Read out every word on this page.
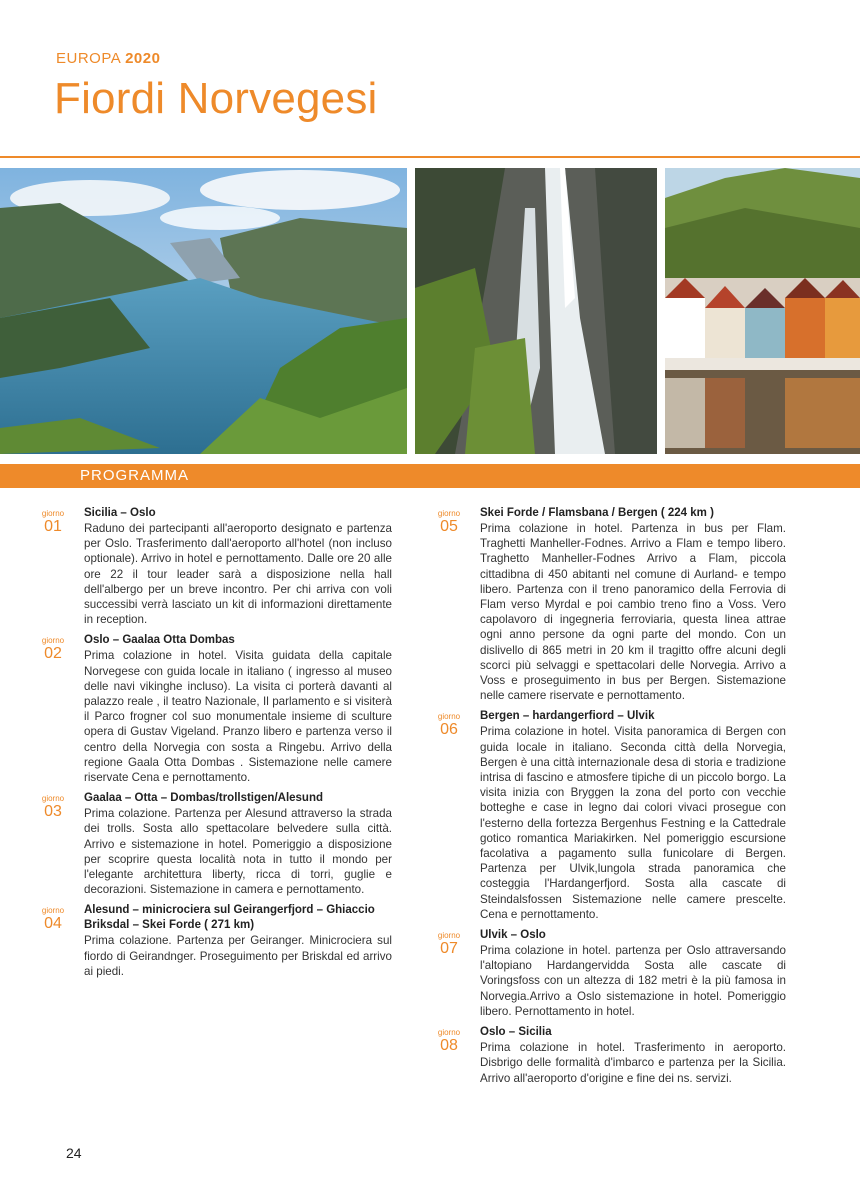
EUROPA 2020
Fiordi Norvegesi
PROGRAMMA
giorno
01
Sicilia – Oslo

Raduno dei partecipanti all'aeroporto designato e partenza per Oslo. Trasferimento dall'aeroporto all'hotel (non incluso optionale). Arrivo in hotel e pernottamento. Dalle ore 20 alle ore 22 il tour leader sarà a disposizione nella hall dell'albergo per un breve incontro. Per chi arriva con voli successibi verrà lasciato un kit di informazioni direttamente in reception.

giorno
02
Oslo – Gaalaa Otta Dombas

Prima colazione in hotel. Visita guidata della capitale Norvegese con guida locale in italiano ( ingresso al museo delle navi vikinghe incluso). La visita ci porterà davanti al palazzo reale , il teatro Nazionale, Il parlamento e si visiterà il Parco frogner col suo monumentale insieme di sculture opera di Gustav Vigeland. Pranzo libero e partenza verso il centro della Norvegia con sosta a Ringebu. Arrivo della regione Gaala Otta Dombas . Sistemazione nelle camere riservate Cena e pernottamento.

giorno
03
Gaalaa – Otta – Dombas/trollstigen/Alesund

Prima colazione. Partenza per Alesund attraverso la strada dei trolls. Sosta allo spettacolare belvedere sulla città. Arrivo e sistemazione in hotel. Pomeriggio a disposizione per scoprire questa località nota in tutto il mondo per l'elegante architettura liberty, ricca di torri, guglie e decorazioni. Sistemazione in camera e pernottamento.

giorno
04
Alesund – minicrociera sul Geirangerfjord – Ghiaccio Briksdal – Skei Forde ( 271 km)

Prima colazione. Partenza per Geiranger. Minicrociera sul fiordo di Geirandnger. Proseguimento per Briskdal ed arrivo ai piedi.

giorno
05
Skei Forde / Flamsbana / Bergen ( 224 km )

Prima colazione in hotel. Partenza in bus per Flam. Traghetti Manheller-Fodnes. Arrivo a Flam e tempo libero. Traghetto Manheller-Fodnes Arrivo a Flam, piccola cittadibna di 450 abitanti nel comune di Aurland- e tempo libero. Partenza con il treno panoramico della Ferrovia di Flam verso Myrdal e poi cambio treno fino a Voss. Vero capolavoro di ingegneria ferroviaria, questa linea attrae ogni anno persone da ogni parte del mondo. Con un dislivello di 865 metri in 20 km il tragitto offre alcuni degli scorci più selvaggi e spettacolari delle Norvegia. Arrivo a Voss e proseguimento in bus per Bergen. Sistemazione nelle camere riservate e pernottamento.

giorno
06
Bergen – hardangerfiord – Ulvik

Prima colazione in hotel. Visita panoramica di Bergen con guida locale in italiano. Seconda città della Norvegia, Bergen è una città internazionale desa di storia e tradizione intrisa di fascino e atmosfere tipiche di un piccolo borgo. La visita inizia con Bryggen la zona del porto con vecchie botteghe e case in legno dai colori vivaci prosegue con l'esterno della fortezza Bergenhus Festning e la Cattedrale gotico romantica Mariakirken. Nel pomeriggio escursione facolativa a pagamento sulla funicolare di Bergen. Partenza per Ulvik,lungola strada panoramica che costeggia l'Hardangerfjord. Sosta alla cascate di Steindalsfossen Sistemazione nelle camere prescelte. Cena e pernottamento.

giorno
07
Ulvik – Oslo

Prima colazione in hotel. partenza per Oslo attraversando l'altopiano Hardangervidda Sosta alle cascate di Voringsfoss con un altezza di 182 metri è la più famosa in Norvegia.Arrivo a Oslo sistemazione in hotel. Pomeriggio libero. Pernottamento in hotel.

giorno
08
Oslo – Sicilia

Prima colazione in hotel. Trasferimento in aeroporto. Disbrigo delle formalità d'imbarco e partenza per la Sicilia. Arrivo all'aeroporto d'origine e fine dei ns. servizi.

24
